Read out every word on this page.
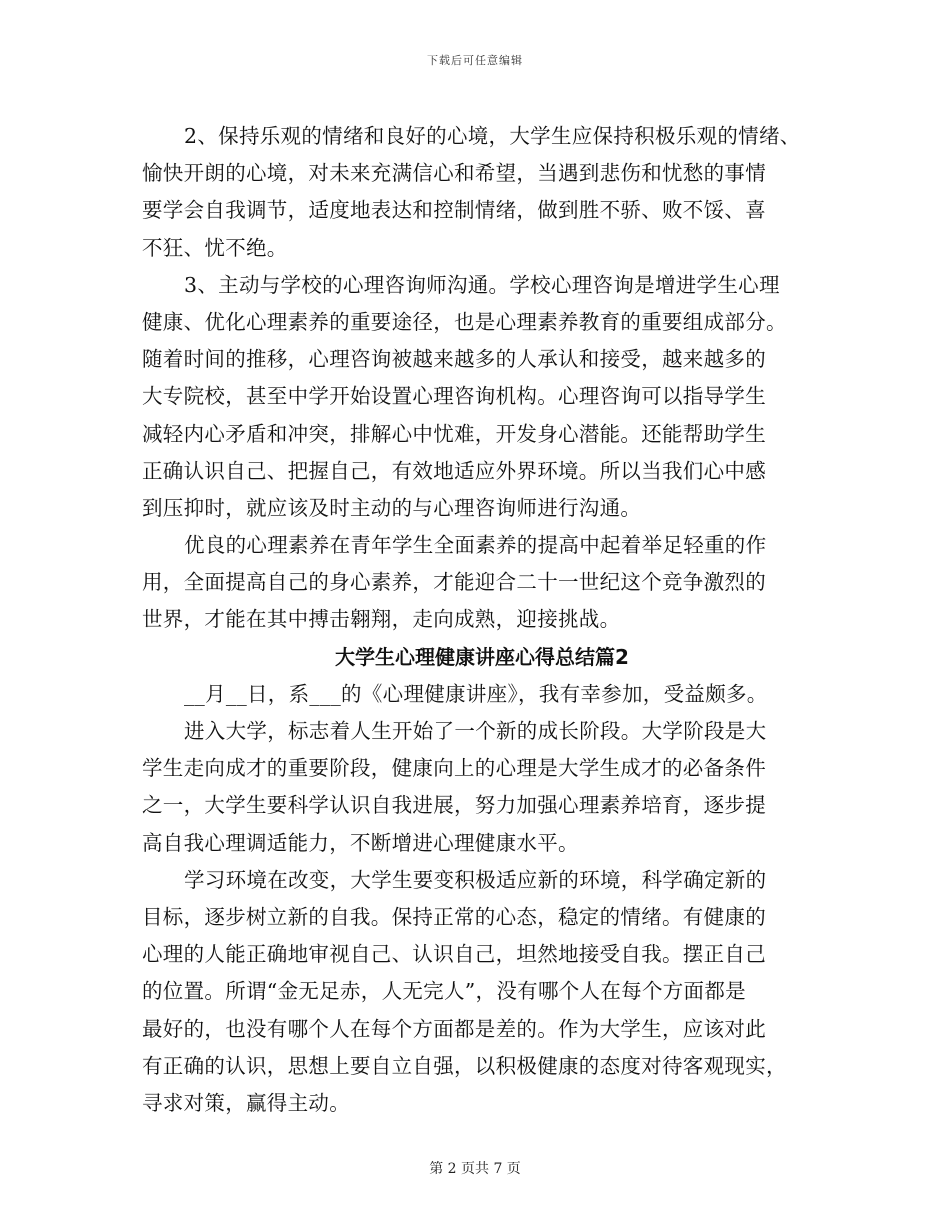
下载后可任意编辑
2、保持乐观的情绪和良好的心境，大学生应保持积极乐观的情绪、
愉快开朗的心境，对未来充满信心和希望，当遇到悲伤和忧愁的事情
要学会自我调节，适度地表达和控制情绪，做到胜不骄、败不馁、喜
不狂、忧不绝。
3、主动与学校的心理咨询师沟通。学校心理咨询是增进学生心理
健康、优化心理素养的重要途径，也是心理素养教育的重要组成部分。
随着时间的推移，心理咨询被越来越多的人承认和接受，越来越多的
大专院校，甚至中学开始设置心理咨询机构。心理咨询可以指导学生
减轻内心矛盾和冲突，排解心中忧难，开发身心潜能。还能帮助学生
正确认识自己、把握自己，有效地适应外界环境。所以当我们心中感
到压抑时，就应该及时主动的与心理咨询师进行沟通。
优良的心理素养在青年学生全面素养的提高中起着举足轻重的作
用，全面提高自己的身心素养，才能迎合二十一世纪这个竞争激烈的
世界，才能在其中搏击翱翔，走向成熟，迎接挑战。
大学生心理健康讲座心得总结篇2
__月__日，系___的《心理健康讲座》，我有幸参加，受益颇多。
进入大学，标志着人生开始了一个新的成长阶段。大学阶段是大
学生走向成才的重要阶段，健康向上的心理是大学生成才的必备条件
之一，大学生要科学认识自我进展，努力加强心理素养培育，逐步提
高自我心理调适能力，不断增进心理健康水平。
学习环境在改变，大学生要变积极适应新的环境，科学确定新的
目标，逐步树立新的自我。保持正常的心态，稳定的情绪。有健康的
心理的人能正确地审视自己、认识自己，坦然地接受自我。摆正自己
的位置。所谓“金无足赤，人无完人”，没有哪个人在每个方面都是
最好的，也没有哪个人在每个方面都是差的。作为大学生，应该对此
有正确的认识，思想上要自立自强，以积极健康的态度对待客观现实，
寻求对策，赢得主动。
第 2 页共 7 页
